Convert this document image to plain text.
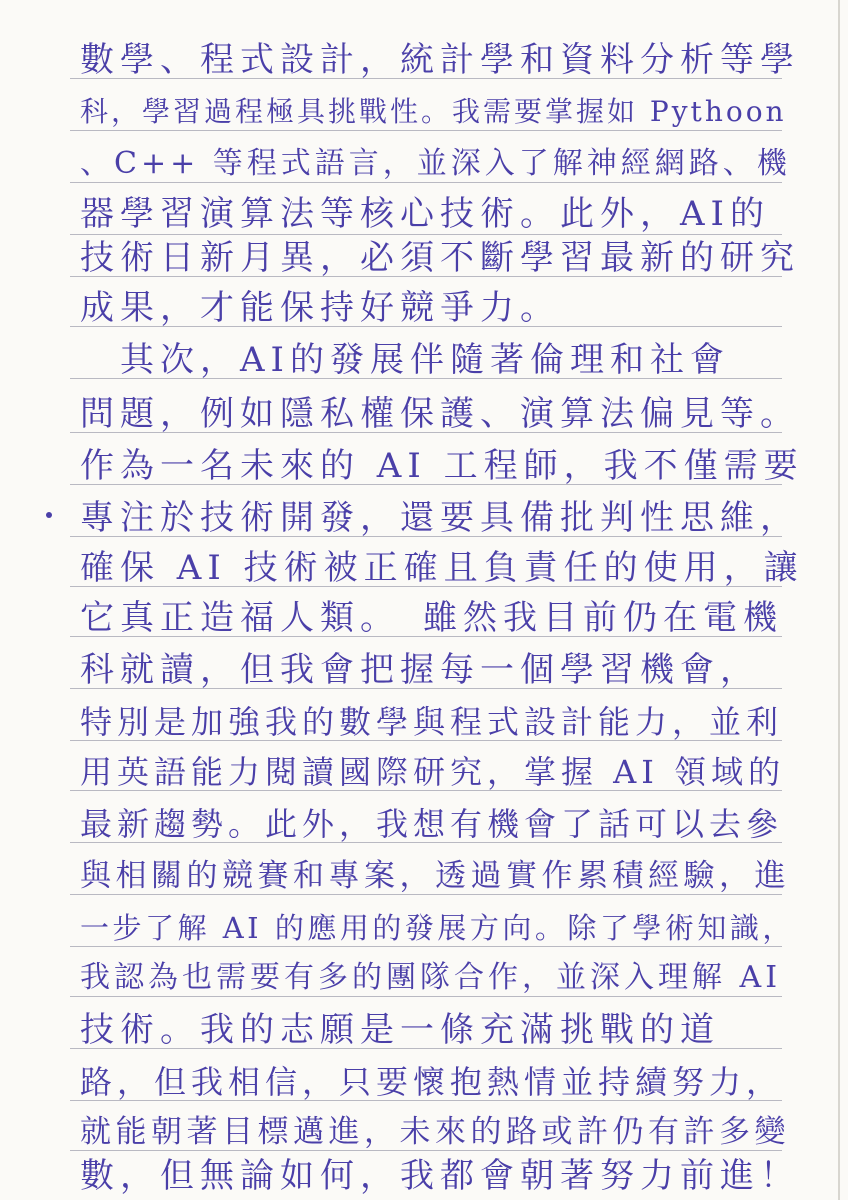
數學、程式設計，統計學和資料分析等學
科，學習過程極具挑戰性。我需要掌握如 Pythoon
、C++ 等程式語言，並深入了解神經網路、機
器學習演算法等核心技術。此外，AI的
技術日新月異，必須不斷學習最新的研究
成果，才能保持好競爭力。
　其次，AI的發展伴隨著倫理和社會
問題，例如隱私權保護、演算法偏見等。
作為一名未來的 AI 工程師，我不僅需要
專注於技術開發，還要具備批判性思維，
確保 AI 技術被正確且負責任的使用，讓
它真正造福人類。　雖然我目前仍在電機
科就讀，但我會把握每一個學習機會，
特別是加強我的數學與程式設計能力，並利
用英語能力閱讀國際研究，掌握 AI 領域的
最新趨勢。此外，我想有機會了話可以去參
與相關的競賽和專案，透過實作累積經驗，進
一步了解 AI 的應用的發展方向。除了學術知識，
我認為也需要有多的團隊合作，並深入理解 AI
技術。我的志願是一條充滿挑戰的道
路，但我相信，只要懷抱熱情並持續努力，
就能朝著目標邁進，未來的路或許仍有許多變
數，但無論如何，我都會朝著努力前進！
